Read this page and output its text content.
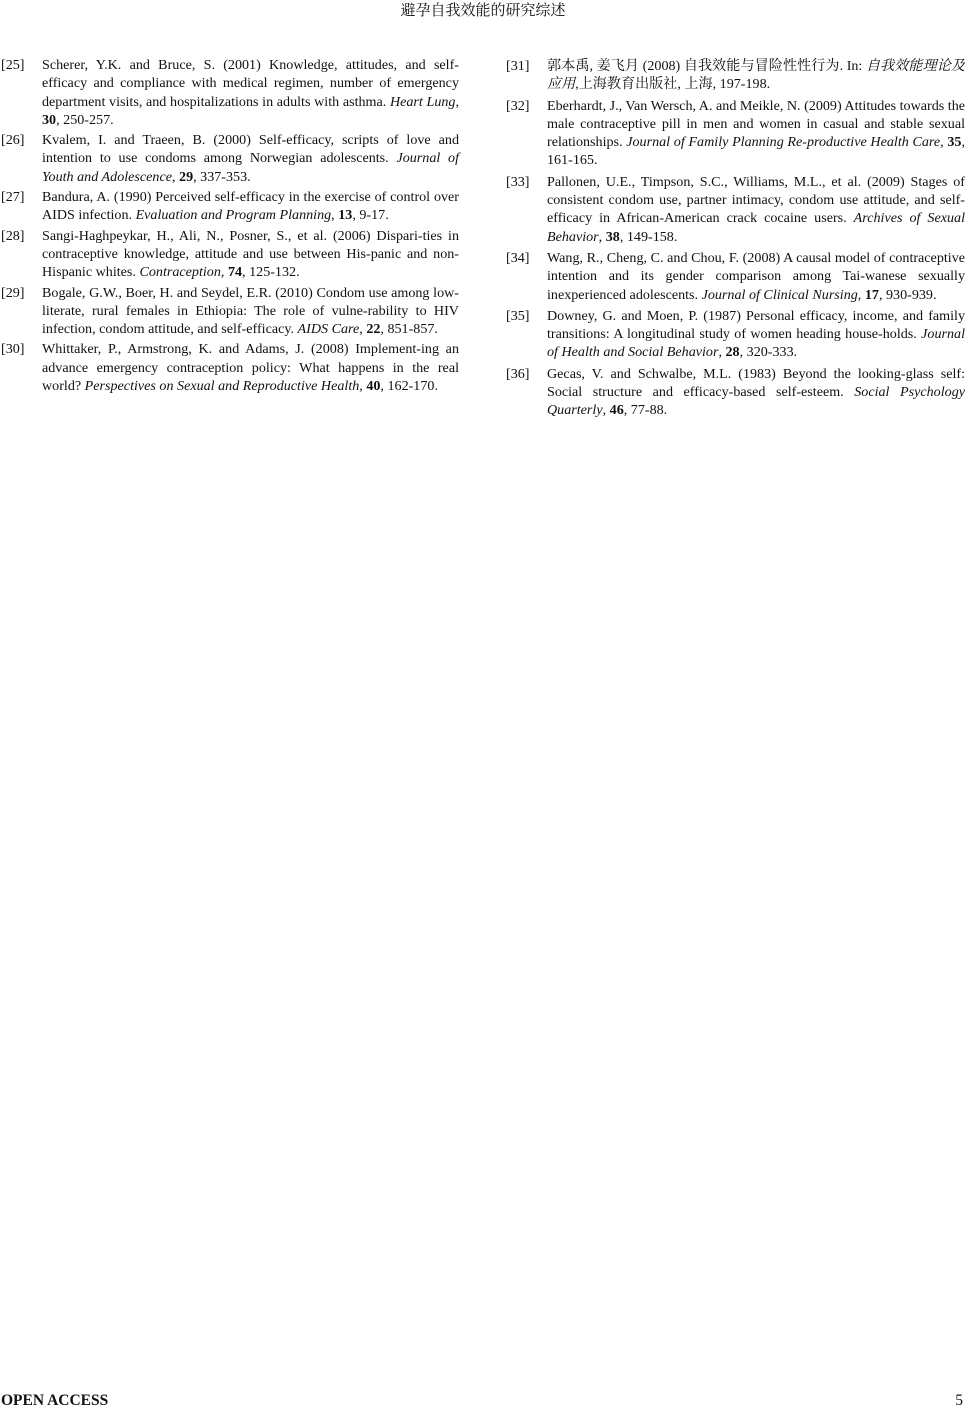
避孕自我效能的研究综述
[25]	Scherer, Y.K. and Bruce, S. (2001) Knowledge, attitudes, and self-efficacy and compliance with medical regimen, number of emergency department visits, and hospitalizations in adults with asthma. Heart Lung, 30, 250-257.
[26]	Kvalem, I. and Traeen, B. (2000) Self-efficacy, scripts of love and intention to use condoms among Norwegian adolescents. Journal of Youth and Adolescence, 29, 337-353.
[27]	Bandura, A. (1990) Perceived self-efficacy in the exercise of control over AIDS infection. Evaluation and Program Planning, 13, 9-17.
[28]	Sangi-Haghpeykar, H., Ali, N., Posner, S., et al. (2006) Dispari-ties in contraceptive knowledge, attitude and use between His-panic and non-Hispanic whites. Contraception, 74, 125-132.
[29]	Bogale, G.W., Boer, H. and Seydel, E.R. (2010) Condom use among low-literate, rural females in Ethiopia: The role of vulne-rability to HIV infection, condom attitude, and self-efficacy. AIDS Care, 22, 851-857.
[30]	Whittaker, P., Armstrong, K. and Adams, J. (2008) Implement-ing an advance emergency contraception policy: What happens in the real world? Perspectives on Sexual and Reproductive Health, 40, 162-170.
[31]	郭本禹, 姜飞月 (2008) 自我效能与冒险性性行为. In: 自我效能理论及应用,上海教育出版社, 上海, 197-198.
[32]	Eberhardt, J., Van Wersch, A. and Meikle, N. (2009) Attitudes towards the male contraceptive pill in men and women in casual and stable sexual relationships. Journal of Family Planning Re-productive Health Care, 35, 161-165.
[33]	Pallonen, U.E., Timpson, S.C., Williams, M.L., et al. (2009) Stages of consistent condom use, partner intimacy, condom use attitude, and self-efficacy in African-American crack cocaine users. Archives of Sexual Behavior, 38, 149-158.
[34]	Wang, R., Cheng, C. and Chou, F. (2008) A causal model of contraceptive intention and its gender comparison among Tai-wanese sexually inexperienced adolescents. Journal of Clinical Nursing, 17, 930-939.
[35]	Downey, G. and Moen, P. (1987) Personal efficacy, income, and family transitions: A longitudinal study of women heading house-holds. Journal of Health and Social Behavior, 28, 320-333.
[36]	Gecas, V. and Schwalbe, M.L. (1983) Beyond the looking-glass self: Social structure and efficacy-based self-esteem. Social Psychology Quarterly, 46, 77-88.
OPEN ACCESS	5
